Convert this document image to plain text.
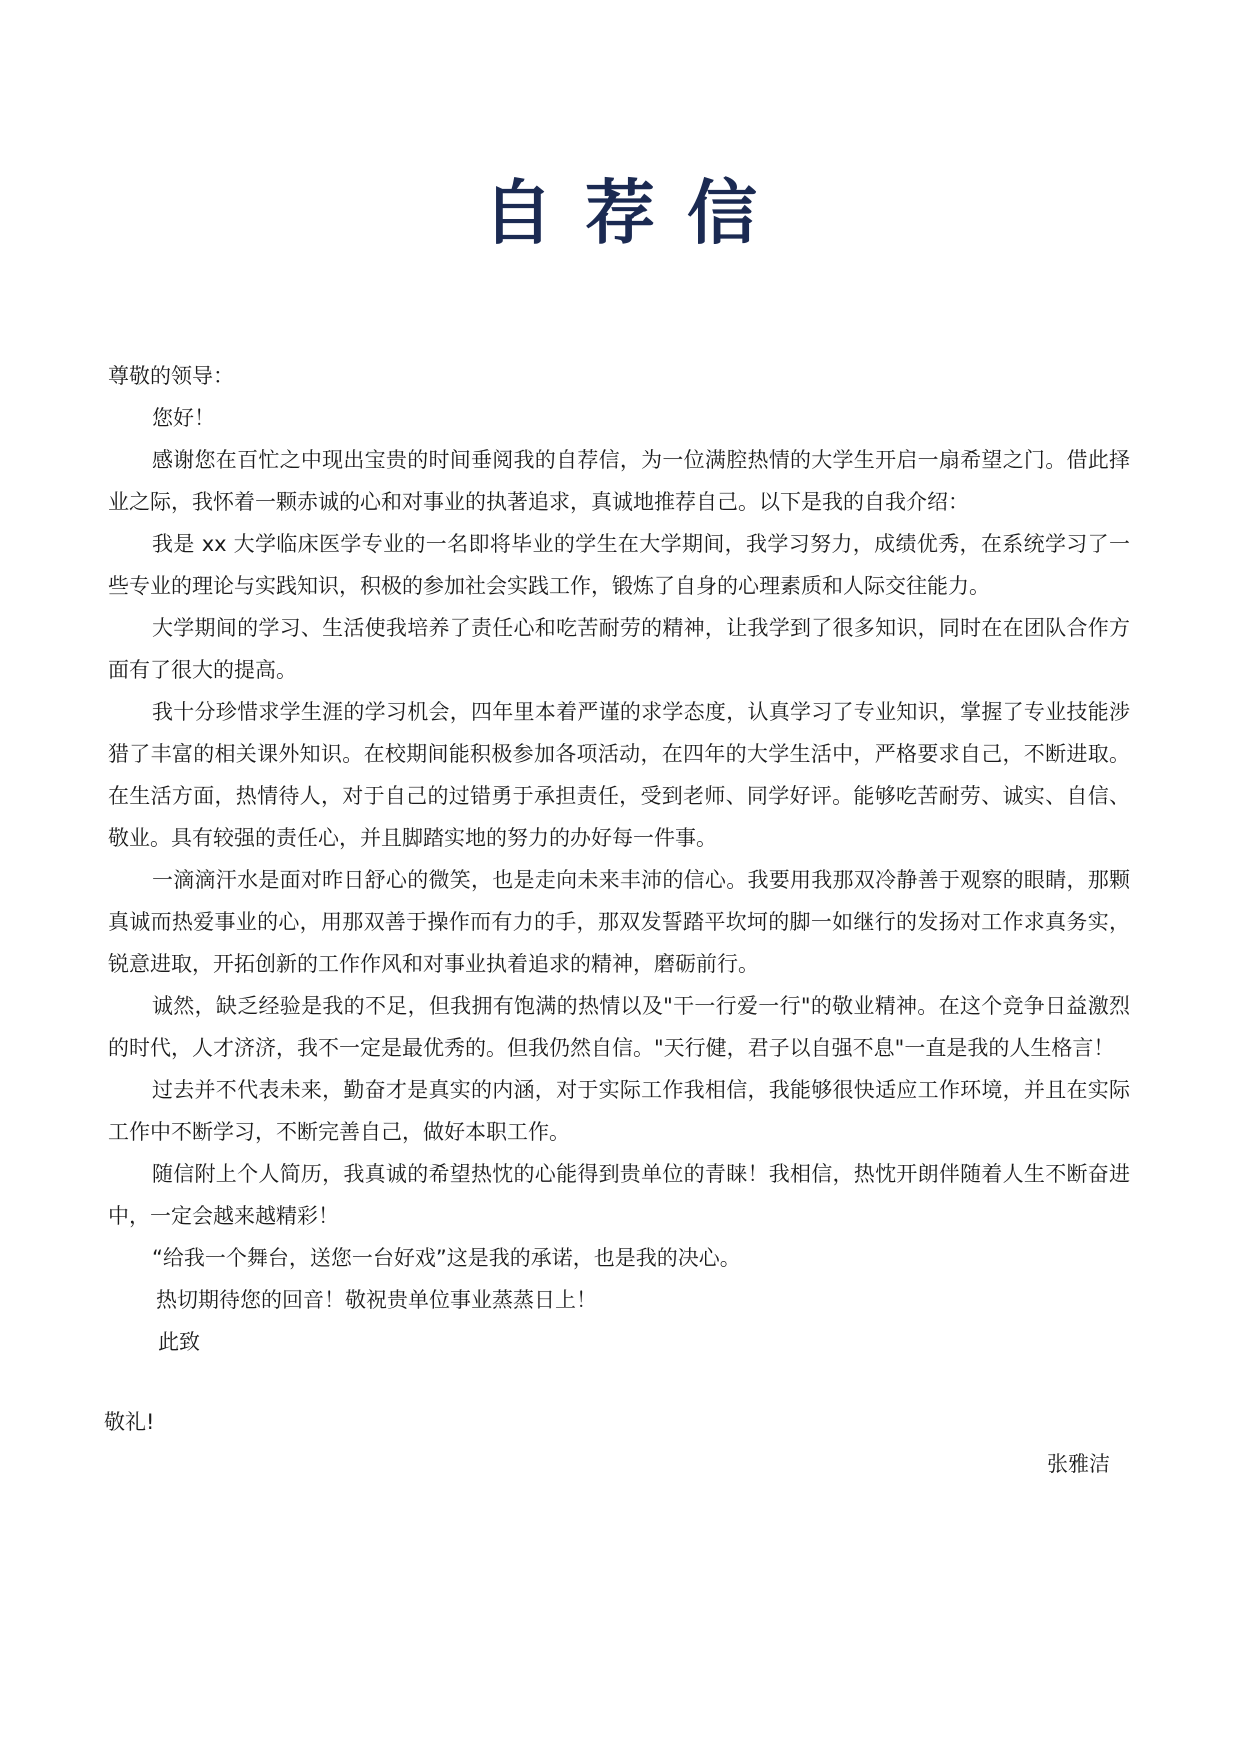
自荐信

尊敬的领导：

您好！

感谢您在百忙之中现出宝贵的时间垂阅我的自荐信，为一位满腔热情的大学生开启一扇希望之门。借此择业之际，我怀着一颗赤诚的心和对事业的执著追求，真诚地推荐自己。以下是我的自我介绍：

我是 xx 大学临床医学专业的一名即将毕业的学生在大学期间，我学习努力，成绩优秀，在系统学习了一些专业的理论与实践知识，积极的参加社会实践工作，锻炼了自身的心理素质和人际交往能力。

大学期间的学习、生活使我培养了责任心和吃苦耐劳的精神，让我学到了很多知识，同时在在团队合作方面有了很大的提高。

我十分珍惜求学生涯的学习机会，四年里本着严谨的求学态度，认真学习了专业知识，掌握了专业技能涉猎了丰富的相关课外知识。在校期间能积极参加各项活动，在四年的大学生活中，严格要求自己，不断进取。在生活方面，热情待人，对于自己的过错勇于承担责任，受到老师、同学好评。能够吃苦耐劳、诚实、自信、敬业。具有较强的责任心，并且脚踏实地的努力的办好每一件事。

一滴滴汗水是面对昨日舒心的微笑，也是走向未来丰沛的信心。我要用我那双冷静善于观察的眼睛，那颗真诚而热爱事业的心，用那双善于操作而有力的手，那双发誓踏平坎坷的脚一如继行的发扬对工作求真务实，锐意进取，开拓创新的工作作风和对事业执着追求的精神，磨砺前行。

诚然，缺乏经验是我的不足，但我拥有饱满的热情以及"干一行爱一行"的敬业精神。在这个竞争日益激烈的时代，人才济济，我不一定是最优秀的。但我仍然自信。"天行健，君子以自强不息"一直是我的人生格言！

过去并不代表未来，勤奋才是真实的内涵，对于实际工作我相信，我能够很快适应工作环境，并且在实际工作中不断学习，不断完善自己，做好本职工作。

随信附上个人简历，我真诚的希望热忱的心能得到贵单位的青睐！我相信，热忱开朗伴随着人生不断奋进中，一定会越来越精彩！

“给我一个舞台，送您一台好戏”这是我的承诺，也是我的决心。

热切期待您的回音！敬祝贵单位事业蒸蒸日上！

此致

敬礼!
张雅洁
